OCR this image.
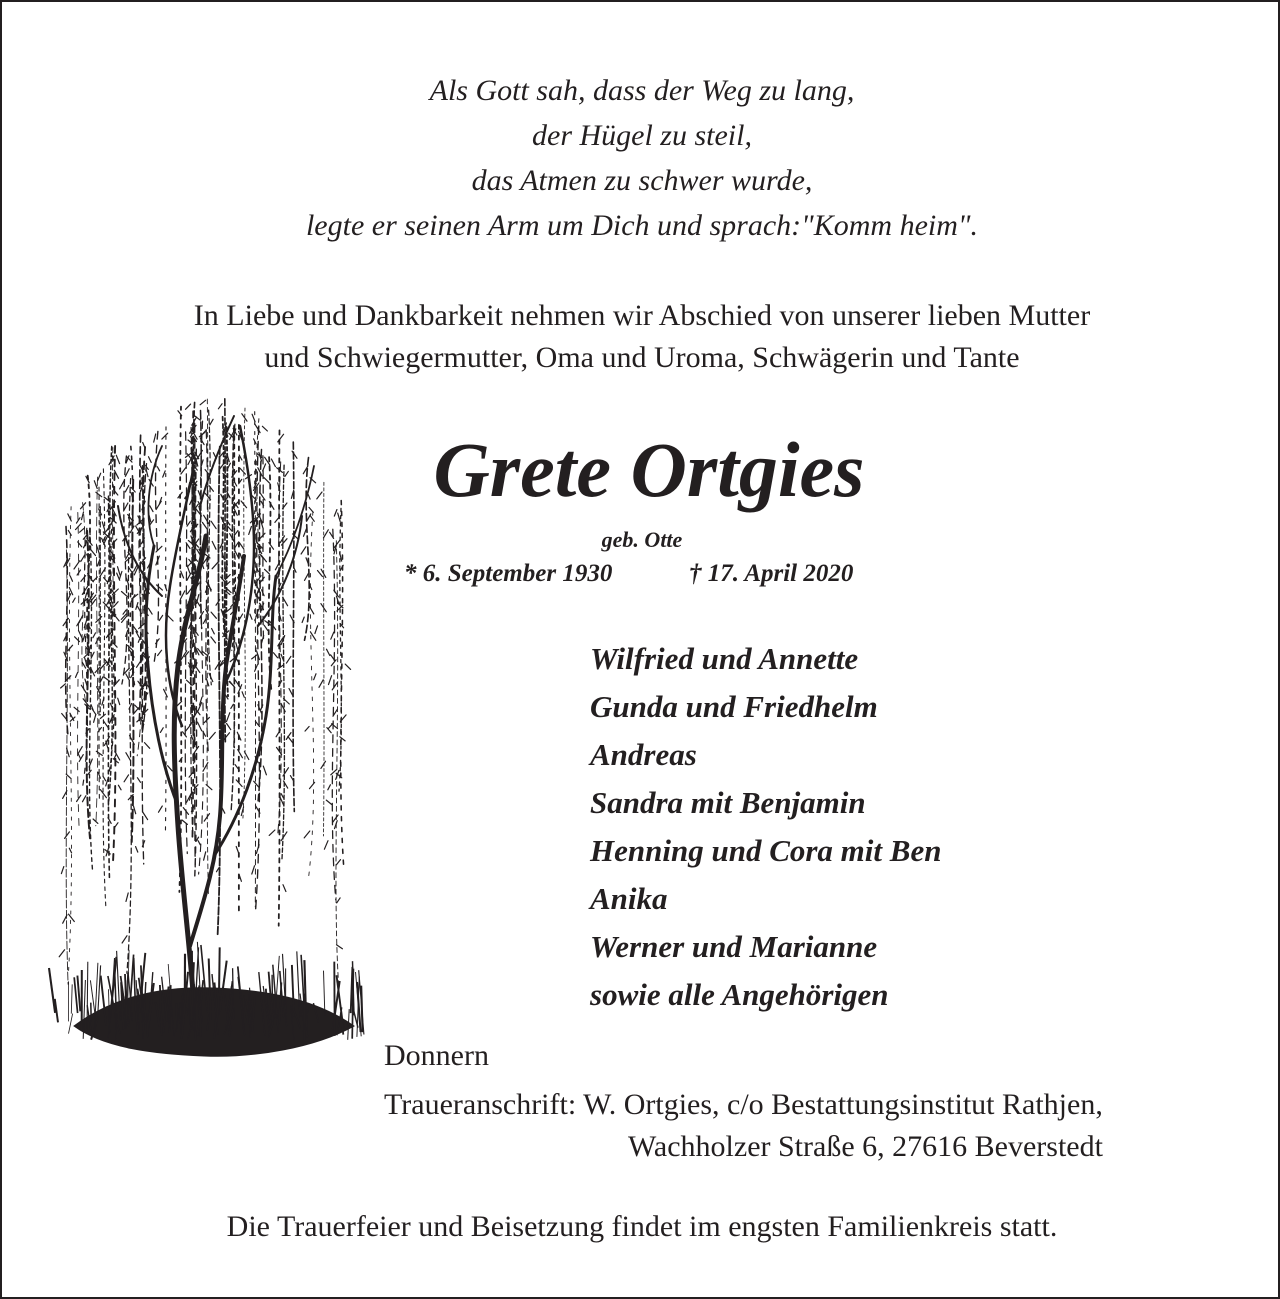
Als Gott sah, dass der Weg zu lang,
der Hügel zu steil,
das Atmen zu schwer wurde,
legte er seinen Arm um Dich und sprach:"Komm heim".
In Liebe und Dankbarkeit nehmen wir Abschied von unserer lieben Mutter
und Schwiegermutter, Oma und Uroma, Schwägerin und Tante
Grete Ortgies
geb. Otte
* 6. September 1930	† 17. April 2020
Wilfried und Annette
Gunda und Friedhelm
Andreas
Sandra mit Benjamin
Henning und Cora mit Ben
Anika
Werner und Marianne
sowie alle Angehörigen
Donnern
Traueranschrift: W. Ortgies, c/o Bestattungsinstitut Rathjen,
Wachholzer Straße 6, 27616 Beverstedt
Die Trauerfeier und Beisetzung findet im engsten Familienkreis statt.
